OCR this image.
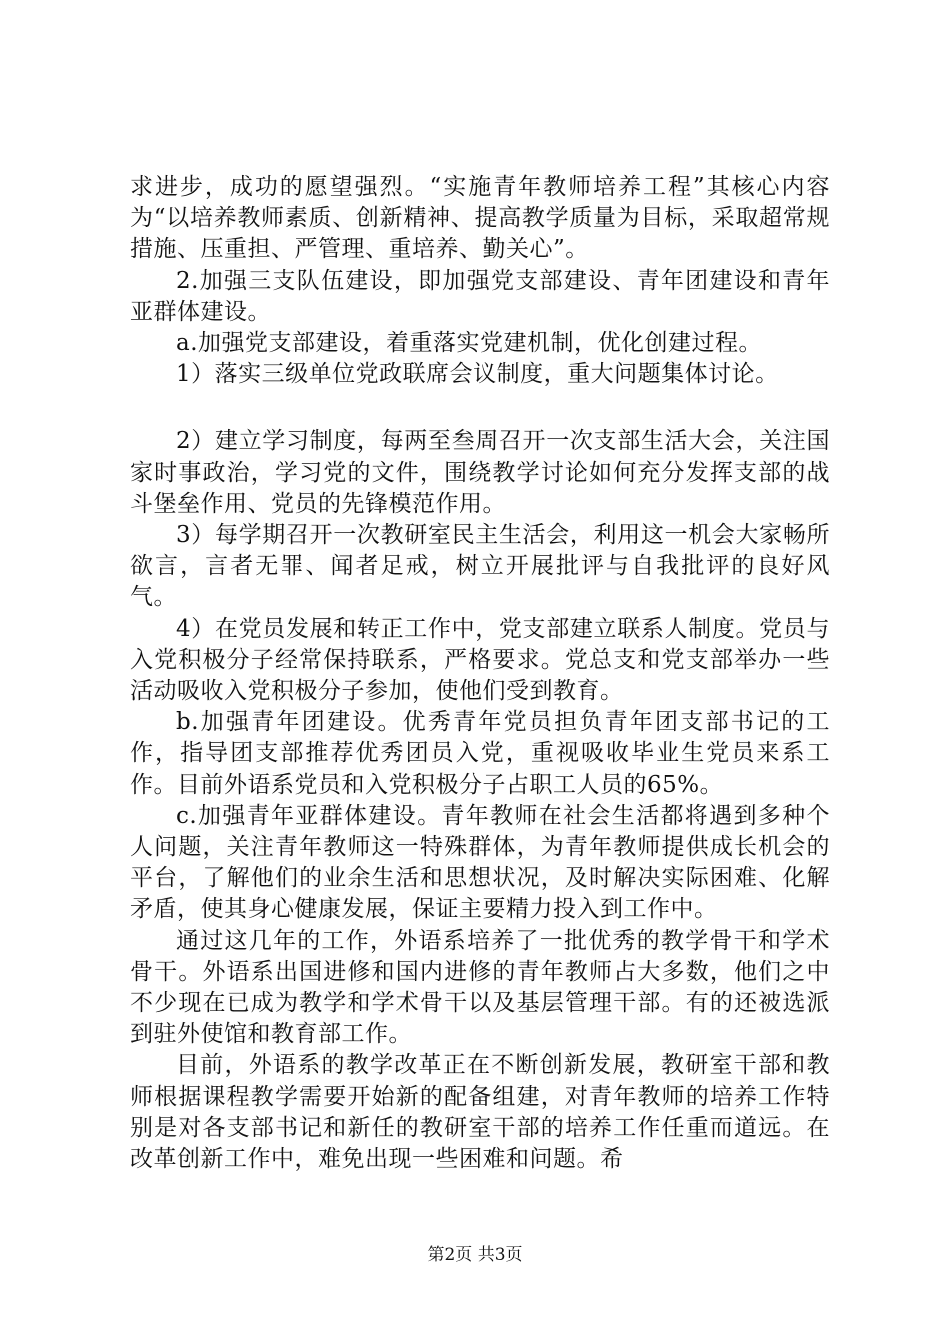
求进步，成功的愿望强烈。“实施青年教师培养工程”其核心内容为“以培养教师素质、创新精神、提高教学质量为目标，采取超常规措施、压重担、严管理、重培养、勤关心”。

2.加强三支队伍建设，即加强党支部建设、青年团建设和青年亚群体建设。

a.加强党支部建设，着重落实党建机制，优化创建过程。

1）落实三级单位党政联席会议制度，重大问题集体讨论。

2）建立学习制度，每两至叁周召开一次支部生活大会，关注国家时事政治，学习党的文件，围绕教学讨论如何充分发挥支部的战斗堡垒作用、党员的先锋模范作用。

3）每学期召开一次教研室民主生活会，利用这一机会大家畅所欲言，言者无罪、闻者足戒，树立开展批评与自我批评的良好风气。

4）在党员发展和转正工作中，党支部建立联系人制度。党员与入党积极分子经常保持联系，严格要求。党总支和党支部举办一些活动吸收入党积极分子参加，使他们受到教育。

b.加强青年团建设。优秀青年党员担负青年团支部书记的工作，指导团支部推荐优秀团员入党，重视吸收毕业生党员来系工作。目前外语系党员和入党积极分子占职工人员的65%。

c.加强青年亚群体建设。青年教师在社会生活都将遇到多种个人问题，关注青年教师这一特殊群体，为青年教师提供成长机会的平台，了解他们的业余生活和思想状况，及时解决实际困难、化解矛盾，使其身心健康发展，保证主要精力投入到工作中。

通过这几年的工作，外语系培养了一批优秀的教学骨干和学术骨干。外语系出国进修和国内进修的青年教师占大多数，他们之中不少现在已成为教学和学术骨干以及基层管理干部。有的还被选派到驻外使馆和教育部工作。

目前，外语系的教学改革正在不断创新发展，教研室干部和教师根据课程教学需要开始新的配备组建，对青年教师的培养工作特别是对各支部书记和新任的教研室干部的培养工作任重而道远。在改革创新工作中，难免出现一些困难和问题。希

第2页 共3页
